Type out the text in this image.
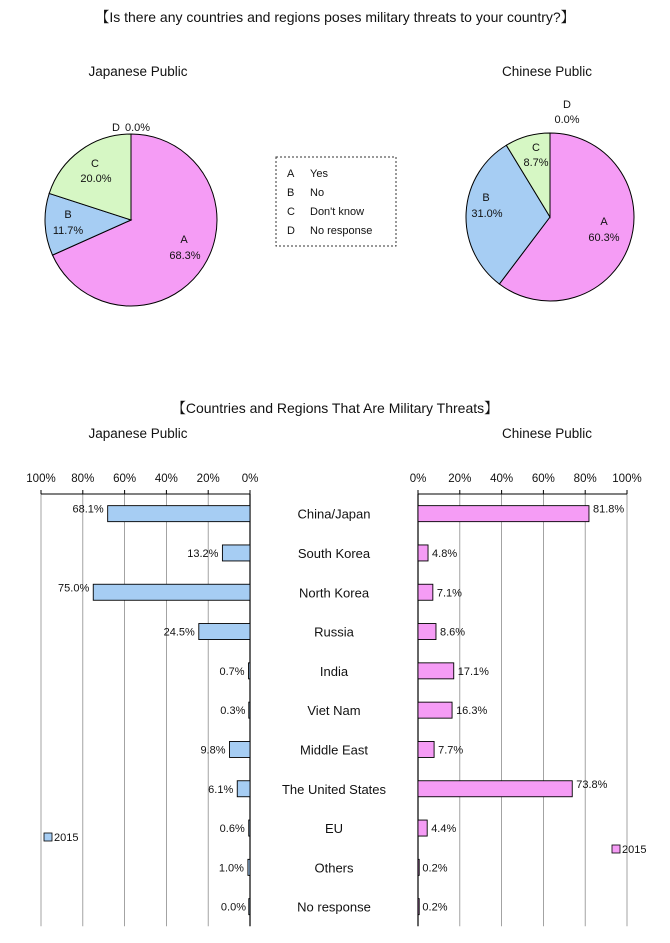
【Is there any countries and regions poses military threats to your country?】
【Countries and Regions That Are Military Threats】
Japanese Public	Chinese Public
D 0.0%
C
20.0%
B
11.7%
A
68.3%
D
0.0%
C
8.7%
B
31.0%
A
60.3%
A Yes
B No
C Don't know
D No response
Japanese Public	Chinese Public
100% 80% 60% 40% 20% 0%
68.1%
13.2%
75.0%
24.5%
0.7%
0.3%
9.8%
6.1%
0.6%
1.0%
0.0%
0% 20% 40% 60% 80% 100%
81.8%
4.8%
7.1%
8.6%
17.1%
16.3%
7.7%
73.8%
4.4%
0.2%
0.2%
China/Japan
South Korea
North Korea
Russia
India
Viet Nam
Middle East
The United States
EU
Others
No response
2015
2015
